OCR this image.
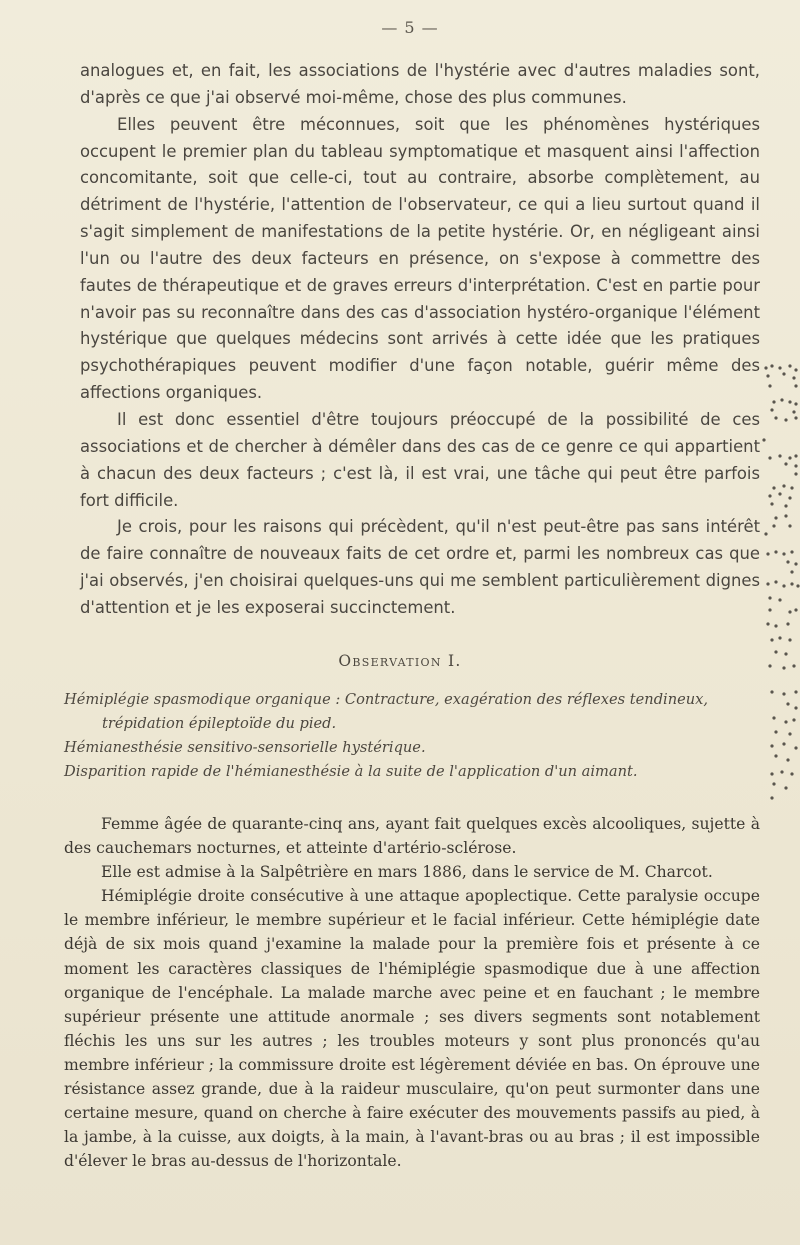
— 5 —

analogues et, en fait, les associations de l'hystérie avec d'autres maladies sont, d'après ce que j'ai observé moi-même, chose des plus communes.

Elles peuvent être méconnues, soit que les phénomènes hystériques occupent le premier plan du tableau symptomatique et masquent ainsi l'affection concomitante, soit que celle-ci, tout au contraire, absorbe complètement, au détriment de l'hystérie, l'attention de l'observateur, ce qui a lieu surtout quand il s'agit simplement de manifestations de la petite hystérie. Or, en négligeant ainsi l'un ou l'autre des deux facteurs en présence, on s'expose à commettre des fautes de thérapeutique et de graves erreurs d'interprétation. C'est en partie pour n'avoir pas su reconnaître dans des cas d'association hystéro-organique l'élément hystérique que quelques médecins sont arrivés à cette idée que les pratiques psychothérapiques peuvent modifier d'une façon notable, guérir même des affections organiques.

Il est donc essentiel d'être toujours préoccupé de la possibilité de ces associations et de chercher à démêler dans des cas de ce genre ce qui appartient à chacun des deux facteurs ; c'est là, il est vrai, une tâche qui peut être parfois fort difficile.

Je crois, pour les raisons qui précèdent, qu'il n'est peut-être pas sans intérêt de faire connaître de nouveaux faits de cet ordre et, parmi les nombreux cas que j'ai observés, j'en choisirai quelques-uns qui me semblent particulièrement dignes d'attention et je les exposerai succinctement.

Observation I.
Hémiplégie spasmodique organique : Contracture, exagération des réflexes tendineux,
trépidation épileptoïde du pied.
Hémianesthésie sensitivo-sensorielle hystérique.
Disparition rapide de l'hémianesthésie à la suite de l'application d'un aimant.

Femme âgée de quarante-cinq ans, ayant fait quelques excès alcooliques, sujette à des cauchemars nocturnes, et atteinte d'artério-sclérose.

Elle est admise à la Salpêtrière en mars 1886, dans le service de M. Charcot.

Hémiplégie droite consécutive à une attaque apoplectique. Cette paralysie occupe le membre inférieur, le membre supérieur et le facial inférieur. Cette hémiplégie date déjà de six mois quand j'examine la malade pour la première fois et présente à ce moment les caractères classiques de l'hémiplégie spasmodique due à une affection organique de l'encéphale. La malade marche avec peine et en fauchant ; le membre supérieur présente une attitude anormale ; ses divers segments sont notablement fléchis les uns sur les autres ; les troubles moteurs y sont plus prononcés qu'au membre inférieur ; la commissure droite est légèrement déviée en bas. On éprouve une résistance assez grande, due à la raideur musculaire, qu'on peut surmonter dans une certaine mesure, quand on cherche à faire exécuter des mouvements passifs au pied, à la jambe, à la cuisse, aux doigts, à la main, à l'avant-bras ou au bras ; il est impossible d'élever le bras au-dessus de l'horizontale.
